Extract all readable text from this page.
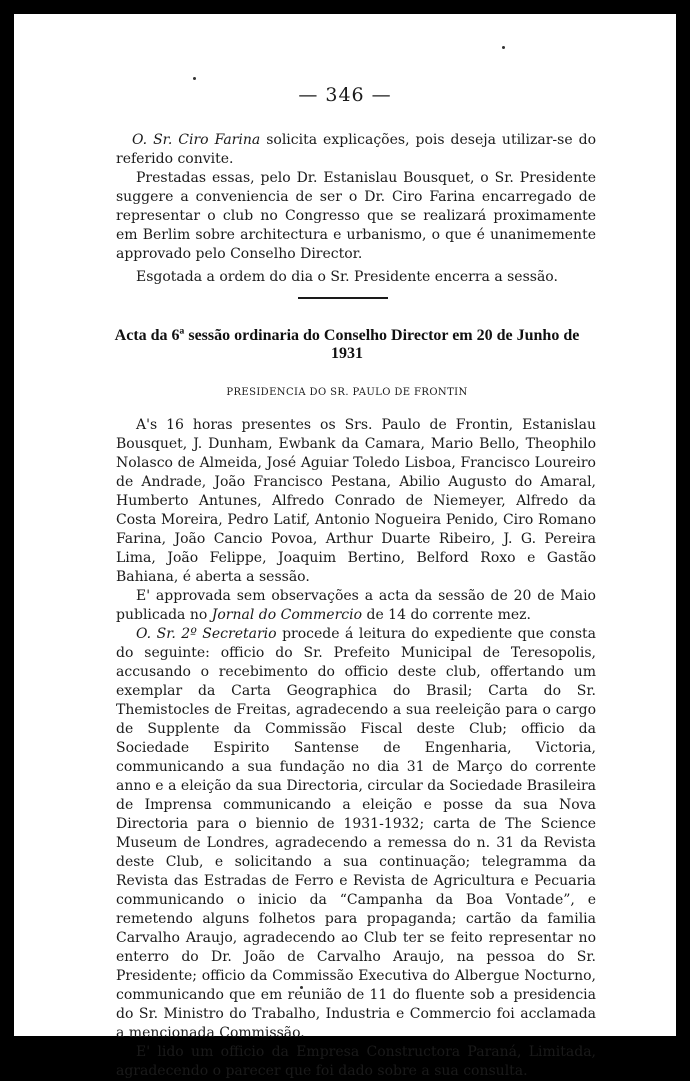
— 346 —

O. Sr. Ciro Farina solicita explicações, pois deseja utilizar-se do referido convite.

Prestadas essas, pelo Dr. Estanislau Bousquet, o Sr. Presidente suggere a conveniencia de ser o Dr. Ciro Farina encarregado de representar o club no Congresso que se realizará proximamente em Berlim sobre architectura e urbanismo, o que é unanimemente approvado pelo Conselho Director.

Esgotada a ordem do dia o Sr. Presidente encerra a sessão.

Acta da 6ª sessão ordinaria do Conselho Director em 20 de Junho de 1931
PRESIDENCIA DO SR. PAULO DE FRONTIN

A's 16 horas presentes os Srs. Paulo de Frontin, Estanislau Bousquet, J. Dunham, Ewbank da Camara, Mario Bello, Theophilo Nolasco de Almeida, José Aguiar Toledo Lisboa, Francisco Loureiro de Andrade, João Francisco Pestana, Abilio Augusto do Amaral, Humberto Antunes, Alfredo Conrado de Niemeyer, Alfredo da Costa Moreira, Pedro Latif, Antonio Nogueira Penido, Ciro Romano Farina, João Cancio Povoa, Arthur Duarte Ribeiro, J. G. Pereira Lima, João Felippe, Joaquim Bertino, Belford Roxo e Gastão Bahiana, é aberta a sessão.

E' approvada sem observações a acta da sessão de 20 de Maio publicada no Jornal do Commercio de 14 do corrente mez.

O. Sr. 2º Secretario procede á leitura do expediente que consta do seguinte: officio do Sr. Prefeito Municipal de Teresopolis, accusando o recebimento do officio deste club, offertando um exemplar da Carta Geographica do Brasil; Carta do Sr. Themistocles de Freitas, agradecendo a sua reeleição para o cargo de Supplente da Commissão Fiscal deste Club; officio da Sociedade Espirito Santense de Engenharia, Victoria, communicando a sua fundação no dia 31 de Março do corrente anno e a eleição da sua Directoria, circular da Sociedade Brasileira de Imprensa communicando a eleição e posse da sua Nova Directoria para o biennio de 1931-1932; carta de The Science Museum de Londres, agradecendo a remessa do n. 31 da Revista deste Club, e solicitando a sua continuação; telegramma da Revista das Estradas de Ferro e Revista de Agricultura e Pecuaria communicando o inicio da “Campanha da Boa Vontade”, e remetendo alguns folhetos para propaganda; cartão da familia Carvalho Araujo, agradecendo ao Club ter se feito representar no enterro do Dr. João de Carvalho Araujo, na pessoa do Sr. Presidente; officio da Commissão Executiva do Albergue Nocturno, communicando que em reunião de 11 do fluente sob a presidencia do Sr. Ministro do Trabalho, Industria e Commercio foi acclamada a mencionada Commissão.

E' lido um officio da Empresa Constructora Paraná, Limitada, agradecendo o parecer que foi dado sobre a sua consulta.
